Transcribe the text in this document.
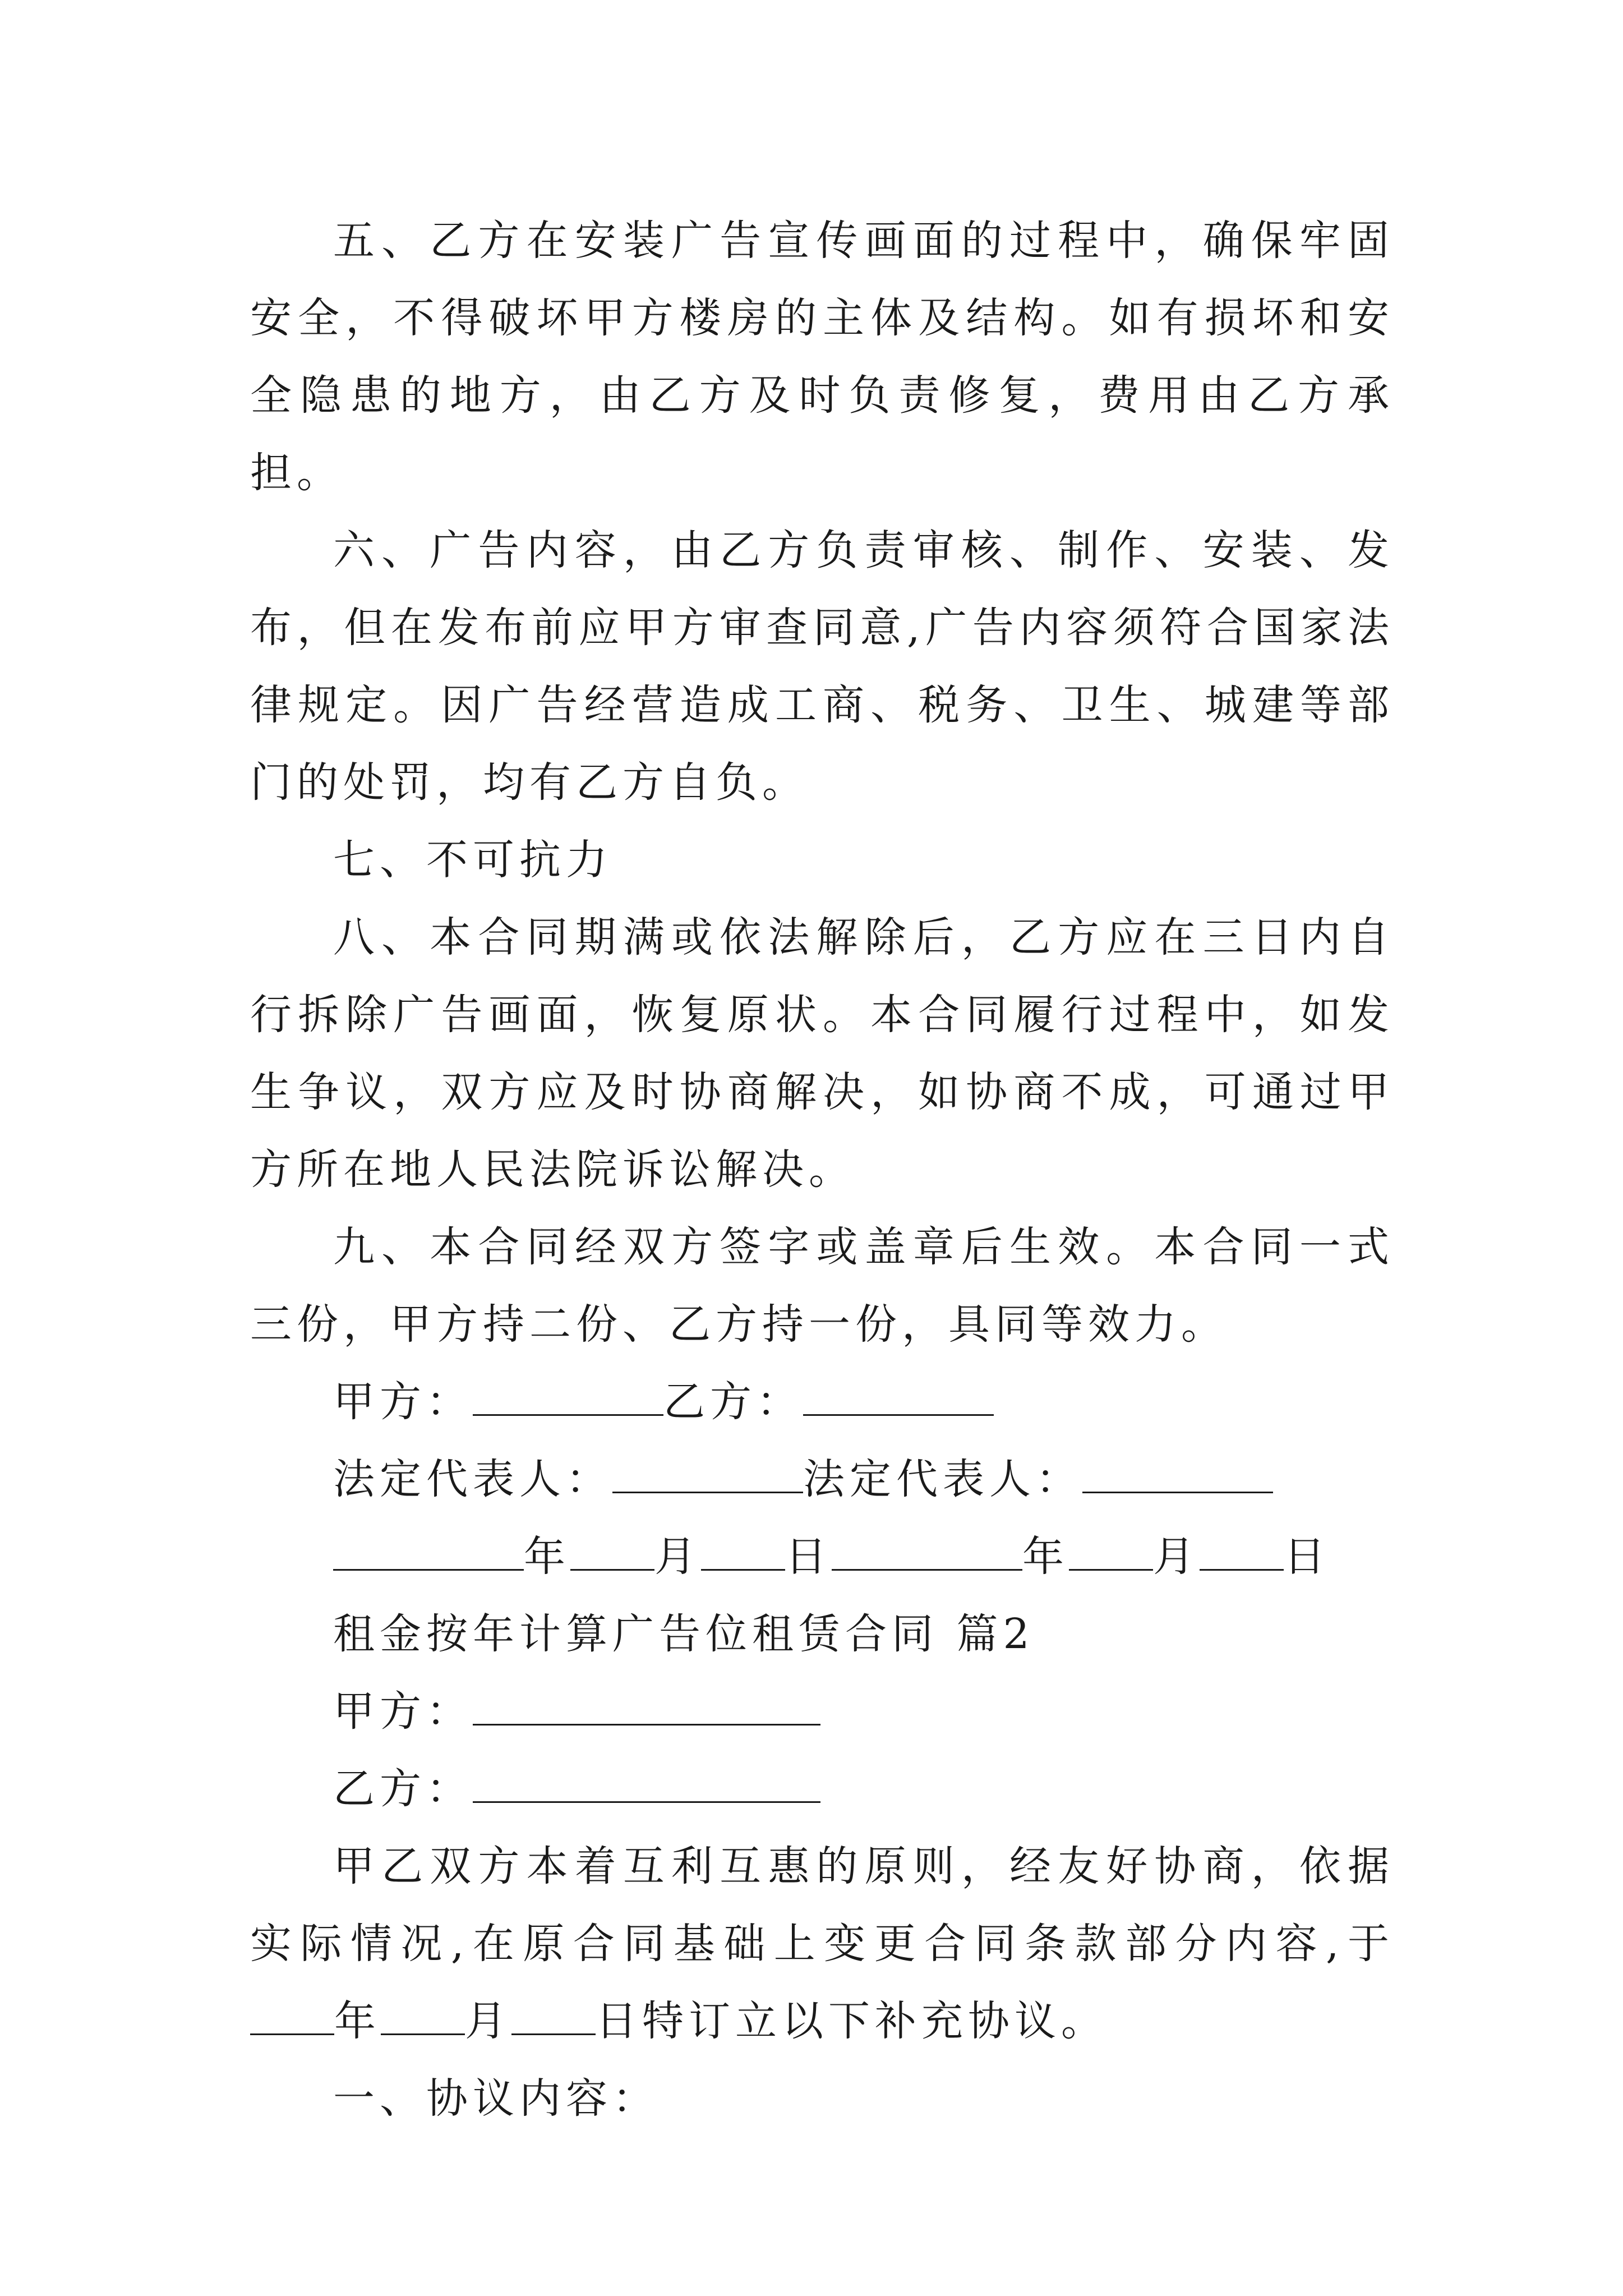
五、乙方在安装广告宣传画面的过程中，确保牢固安全，不得破坏甲方楼房的主体及结构。如有损坏和安全隐患的地方，由乙方及时负责修复，费用由乙方承担。

六、广告内容，由乙方负责审核、制作、安装、发布，但在发布前应甲方审查同意,广告内容须符合国家法律规定。因广告经营造成工商、税务、卫生、城建等部门的处罚，均有乙方自负。

七、不可抗力

八、本合同期满或依法解除后，乙方应在三日内自行拆除广告画面，恢复原状。本合同履行过程中，如发生争议，双方应及时协商解决，如协商不成，可通过甲方所在地人民法院诉讼解决。

九、本合同经双方签字或盖章后生效。本合同一式三份，甲方持二份、乙方持一份，具同等效力。

甲方：	乙方：
法定代表人：	法定代表人：
年 月 日	年 月 日
租金按年计算广告位租赁合同 篇2
甲方：
乙方：

甲乙双方本着互利互惠的原则，经友好协商，依据实际情况,在原合同基础上变更合同条款部分内容,于年 月 日特订立以下补充协议。

一、协议内容：
